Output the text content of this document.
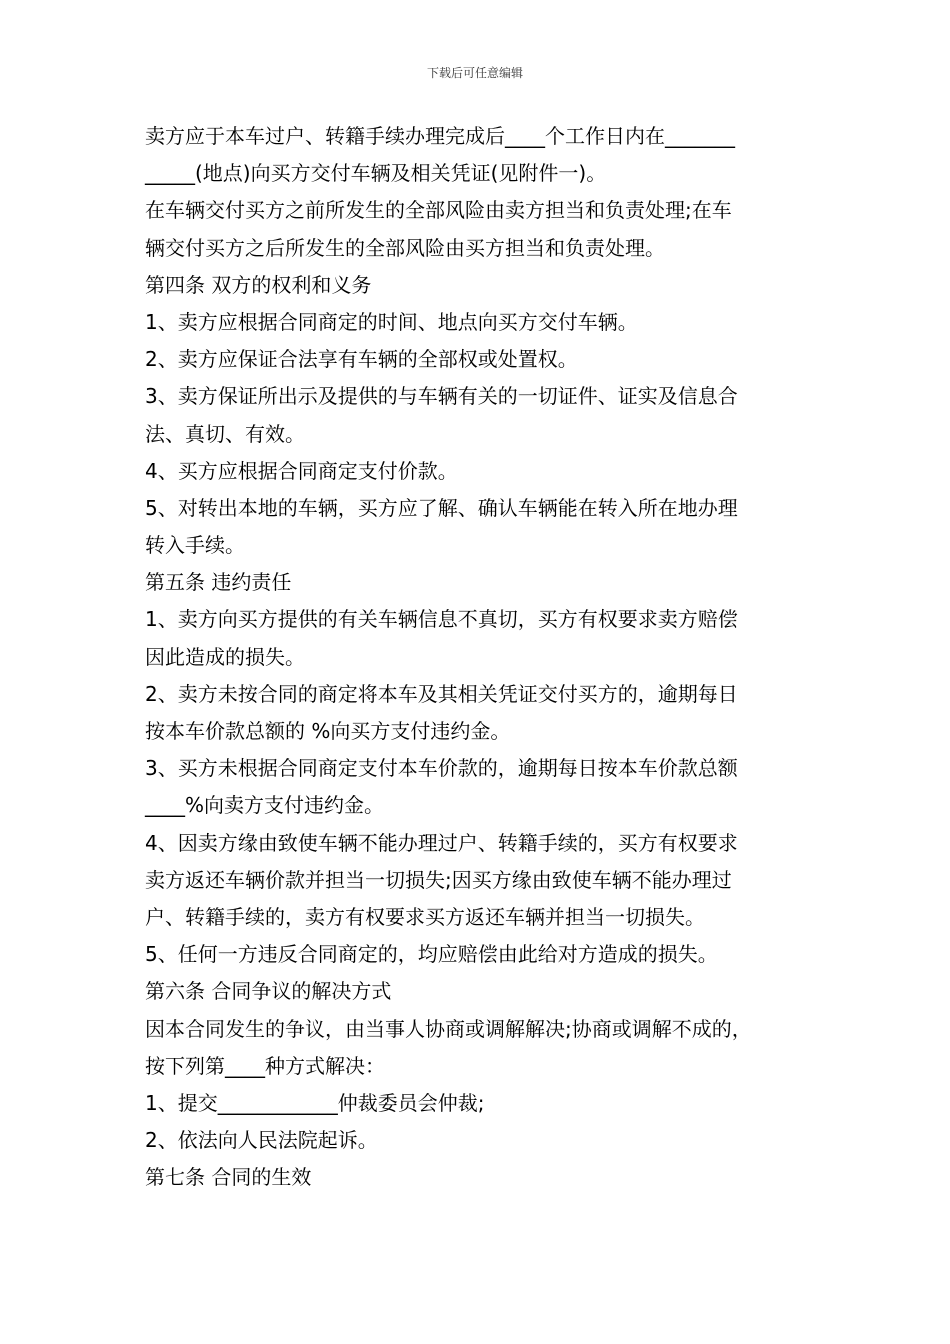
下载后可任意编辑
卖方应于本车过户、转籍手续办理完成后____个工作日内在_______
_____(地点)向买方交付车辆及相关凭证(见附件一)。
在车辆交付买方之前所发生的全部风险由卖方担当和负责处理;在车
辆交付买方之后所发生的全部风险由买方担当和负责处理。
第四条 双方的权利和义务
1、卖方应根据合同商定的时间、地点向买方交付车辆。
2、卖方应保证合法享有车辆的全部权或处置权。
3、卖方保证所出示及提供的与车辆有关的一切证件、证实及信息合
法、真切、有效。
4、买方应根据合同商定支付价款。
5、对转出本地的车辆，买方应了解、确认车辆能在转入所在地办理
转入手续。
第五条 违约责任
1、卖方向买方提供的有关车辆信息不真切，买方有权要求卖方赔偿
因此造成的损失。
2、卖方未按合同的商定将本车及其相关凭证交付买方的，逾期每日
按本车价款总额的 %向买方支付违约金。
3、买方未根据合同商定支付本车价款的，逾期每日按本车价款总额
____%向卖方支付违约金。
4、因卖方缘由致使车辆不能办理过户、转籍手续的，买方有权要求
卖方返还车辆价款并担当一切损失;因买方缘由致使车辆不能办理过
户、转籍手续的，卖方有权要求买方返还车辆并担当一切损失。
5、任何一方违反合同商定的，均应赔偿由此给对方造成的损失。
第六条 合同争议的解决方式
因本合同发生的争议，由当事人协商或调解解决;协商或调解不成的，
按下列第____种方式解决：
1、提交____________仲裁委员会仲裁;
2、依法向人民法院起诉。
第七条 合同的生效
